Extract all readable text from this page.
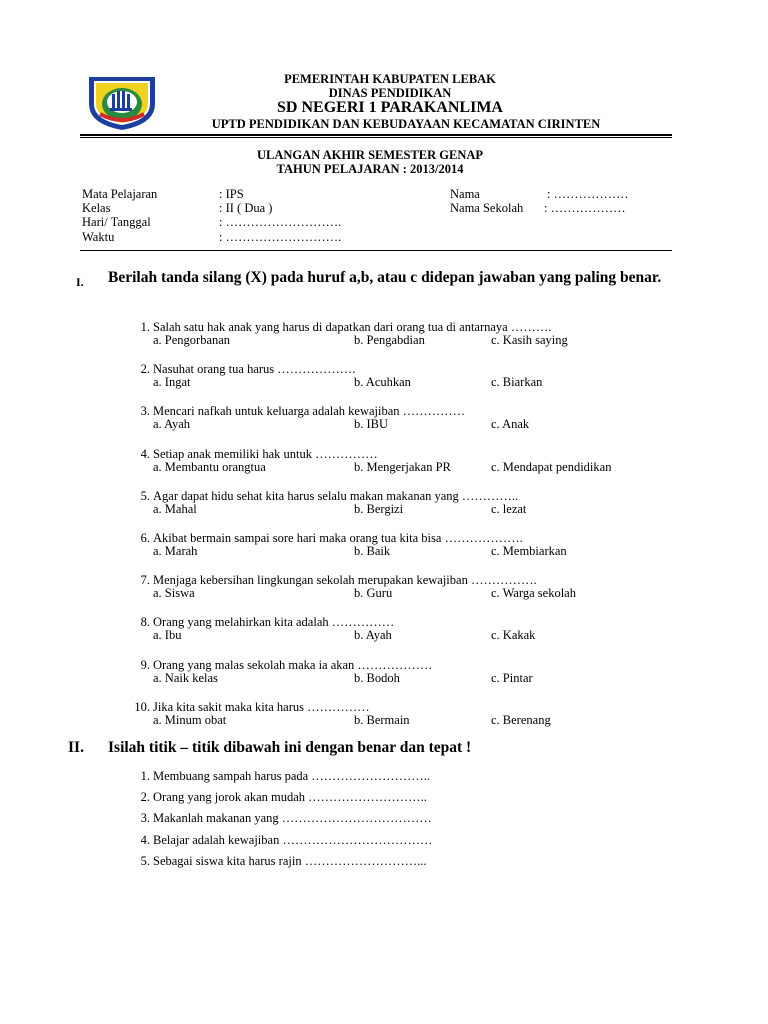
PEMERINTAH KABUPATEN LEBAK
DINAS PENDIDIKAN
SD NEGERI 1 PARAKANLIMA
UPTD PENDIDIKAN DAN KEBUDAYAAN KECAMATAN CIRINTEN
ULANGAN AKHIR SEMESTER GENAP
TAHUN PELAJARAN : 2013/2014
Mata Pelajaran	: IPS
Kelas	: II ( Dua )
Hari/ Tanggal	: ……………………….
Waktu	: ……………………….
Nama	: ………………
Nama Sekolah : ………………
I. Berilah tanda silang (X) pada huruf a,b, atau c didepan jawaban yang paling benar.
1. Salah satu hak anak yang harus di dapatkan dari orang tua di antarnaya ……….
a. Pengorbanan	b. Pengabdian	c. Kasih saying
2. Nasuhat orang tua harus ……………….
a. Ingat	b. Acuhkan	c. Biarkan
3. Mencari nafkah untuk keluarga adalah kewajiban ……………
a. Ayah	b. IBU	c. Anak
4. Setiap anak memiliki hak untuk ……………
a. Membantu orangtua	b. Mengerjakan PR	c. Mendapat pendidikan
5. Agar dapat hidu sehat kita harus selalu makan makanan yang …………..
a. Mahal	b. Bergizi	c. lezat
6. Akibat bermain sampai sore hari maka orang tua kita bisa ……………….
a. Marah	b. Baik	c. Membiarkan
7. Menjaga kebersihan lingkungan sekolah merupakan kewajiban …………….
a. Siswa	b. Guru	c. Warga sekolah
8. Orang yang melahirkan kita adalah ……………
a. Ibu	b. Ayah	c. Kakak
9. Orang yang malas sekolah maka ia akan ………………
a. Naik kelas	b. Bodoh	c. Pintar
10. Jika kita sakit maka kita harus ……………
a. Minum obat	b. Bermain	c. Berenang
II. Isilah titik – titik dibawah ini dengan benar dan tepat !
1. Membuang sampah harus pada ………………………..
2. Orang yang jorok akan mudah ………………………..
3. Makanlah makanan yang ………………………………
4. Belajar adalah kewajiban ………………………………
5. Sebagai siswa kita harus rajin ………………………...
